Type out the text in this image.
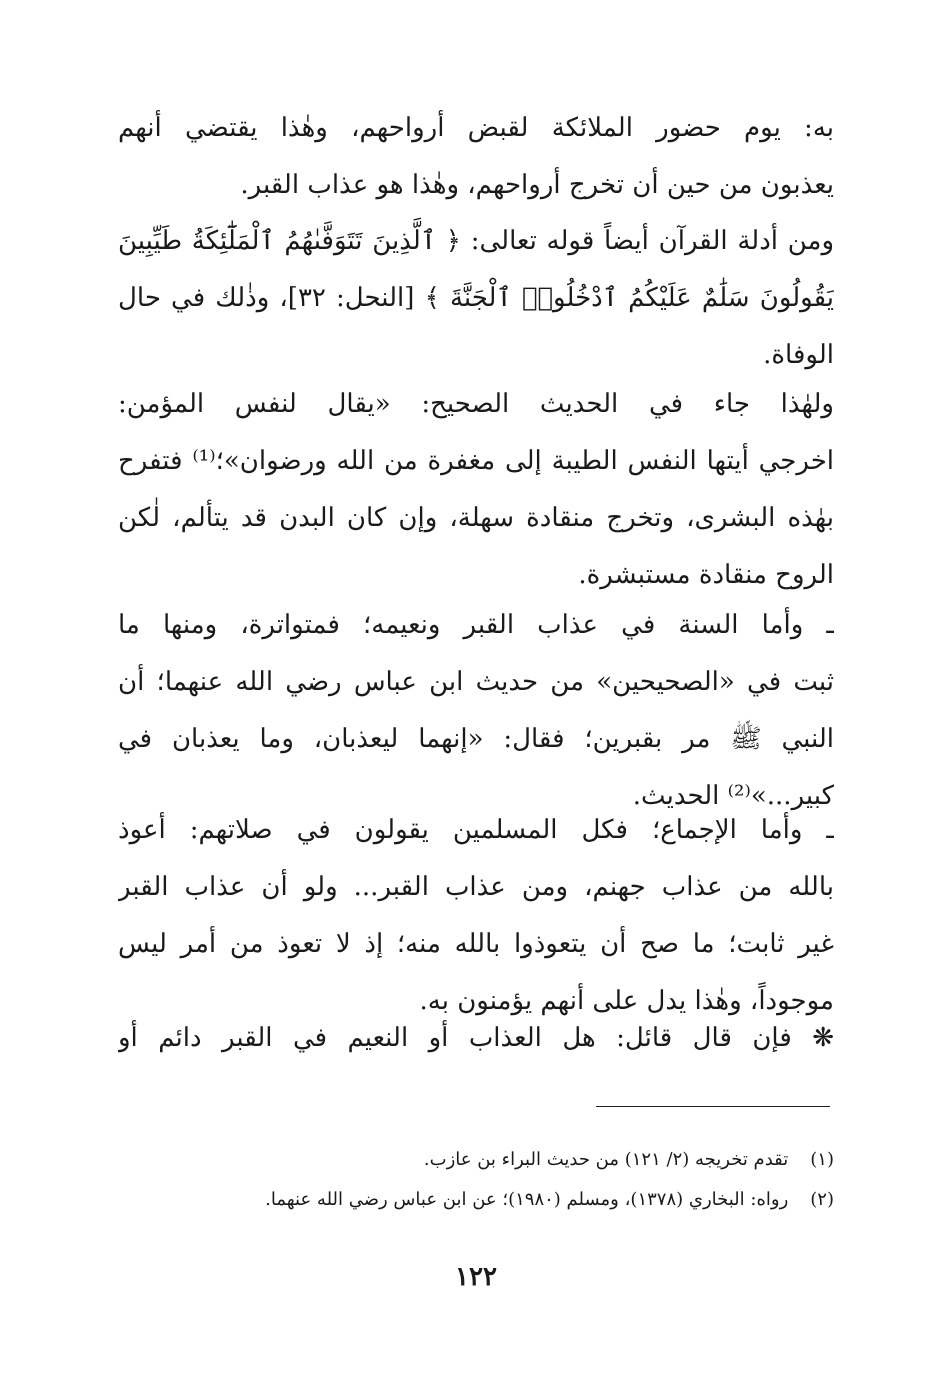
به: يوم حضور الملائكة لقبض أرواحهم، وهٰذا يقتضي أنهم
يعذبون من حين أن تخرج أرواحهم، وهٰذا هو عذاب القبر.
ومن أدلة القرآن أيضاً قوله تعالى: ﴿ ٱلَّذِينَ تَتَوَفَّىٰهُمُ ٱلْمَلَٰٓئِكَةُ طَيِّبِينَ
يَقُولُونَ سَلَٰمٌ عَلَيْكُمُ ٱدْخُلُوا۟ ٱلْجَنَّةَ ﴾ [النحل: ٣٢]، وذٰلك في حال
الوفاة.
ولهٰذا جاء في الحديث الصحيح: «يقال لنفس المؤمن:
اخرجي أيتها النفس الطيبة إلى مغفرة من الله ورضوان»؛⁽¹⁾ فتفرح
بهٰذه البشرى، وتخرج منقادة سهلة، وإن كان البدن قد يتألم، لٰكن
الروح منقادة مستبشرة.
ـ وأما السنة في عذاب القبر ونعيمه؛ فمتواترة، ومنها ما
ثبت في «الصحيحين» من حديث ابن عباس رضي الله عنهما؛ أن
النبي ﷺ مر بقبرين؛ فقال: «إنهما ليعذبان، وما يعذبان في
كبير...»⁽²⁾ الحديث.
ـ وأما الإجماع؛ فكل المسلمين يقولون في صلاتهم: أعوذ
بالله من عذاب جهنم، ومن عذاب القبر... ولو أن عذاب القبر
غير ثابت؛ ما صح أن يتعوذوا بالله منه؛ إذ لا تعوذ من أمر ليس
موجوداً، وهٰذا يدل على أنهم يؤمنون به.
❋ فإن قال قائل: هل العذاب أو النعيم في القبر دائم أو
(١) تقدم تخريجه (٢/ ١٢١) من حديث البراء بن عازب.
(٢) رواه: البخاري (١٣٧٨)، ومسلم (١٩٨٠)؛ عن ابن عباس رضي الله عنهما.
١٢٢
